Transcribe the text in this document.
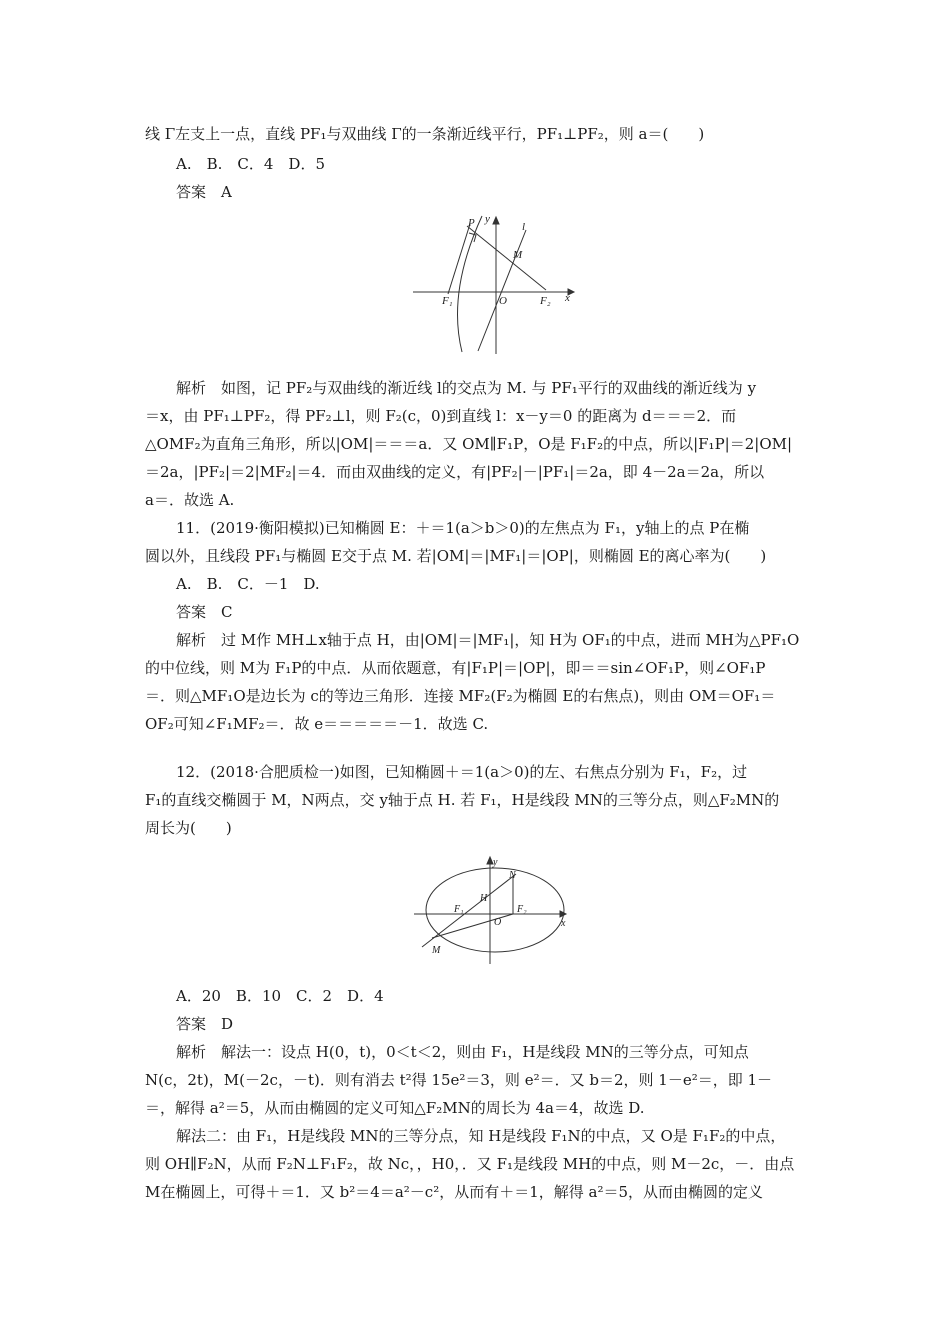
线 Γ左支上一点，直线 PF₁与双曲线 Γ的一条渐近线平行，PF₁⊥PF₂，则 a＝(　　)
A.　B.　C．4　D．5
答案　A
y
l
P
M
F₁	O	F₂ x
解析　如图，记 PF₂与双曲线的渐近线 l的交点为 M. 与 PF₁平行的双曲线的渐近线为 y
＝x，由 PF₁⊥PF₂，得 PF₂⊥l，则 F₂(c，0)到直线 l：x－y＝0 的距离为 d＝＝＝2．而
△OMF₂为直角三角形，所以|OM|＝＝＝a．又 OM∥F₁P，O是 F₁F₂的中点，所以|F₁P|＝2|OM|
＝2a，|PF₂|＝2|MF₂|＝4．而由双曲线的定义，有|PF₂|－|PF₁|＝2a，即 4－2a＝2a，所以
a＝．故选 A.
11．(2019·衡阳模拟)已知椭圆 E：＋＝1(a＞b＞0)的左焦点为 F₁，y轴上的点 P在椭
圆以外，且线段 PF₁与椭圆 E交于点 M. 若|OM|＝|MF₁|＝|OP|，则椭圆 E的离心率为(　　)
A.　B.　C．－1　D.
答案　C
解析　过 M作 MH⊥x轴于点 H，由|OM|＝|MF₁|，知 H为 OF₁的中点，进而 MH为△PF₁O
的中位线，则 M为 F₁P的中点．从而依题意，有|F₁P|＝|OP|，即＝＝sin∠OF₁P，则∠OF₁P
＝．则△MF₁O是边长为 c的等边三角形．连接 MF₂(F₂为椭圆 E的右焦点)，则由 OM＝OF₁＝
OF₂可知∠F₁MF₂＝．故 e＝＝＝＝＝－1．故选 C.
12．(2018·合肥质检一)如图，已知椭圆＋＝1(a＞0)的左、右焦点分别为 F₁，F₂，过
F₁的直线交椭圆于 M，N两点，交 y轴于点 H. 若 F₁，H是线段 MN的三等分点，则△F₂MN的
周长为(　　)
y
N
H
F₁
O
F₂
x
M
A．20　B．10　C．2　D．4
答案　D
解析　解法一：设点 H(0，t)，0＜t＜2，则由 F₁，H是线段 MN的三等分点，可知点
N(c，2t)，M(－2c，－t)．则有消去 t²得 15e²＝3，则 e²＝．又 b＝2，则 1－e²＝，即 1－
＝，解得 a²＝5，从而由椭圆的定义可知△F₂MN的周长为 4a＝4，故选 D.
解法二：由 F₁，H是线段 MN的三等分点，知 H是线段 F₁N的中点，又 O是 F₁F₂的中点，
则 OH∥F₂N，从而 F₂N⊥F₁F₂，故 Nc，，H0，．又 F₁是线段 MH的中点，则 M－2c，－．由点
M在椭圆上，可得＋＝1．又 b²＝4＝a²－c²，从而有＋＝1，解得 a²＝5，从而由椭圆的定义
